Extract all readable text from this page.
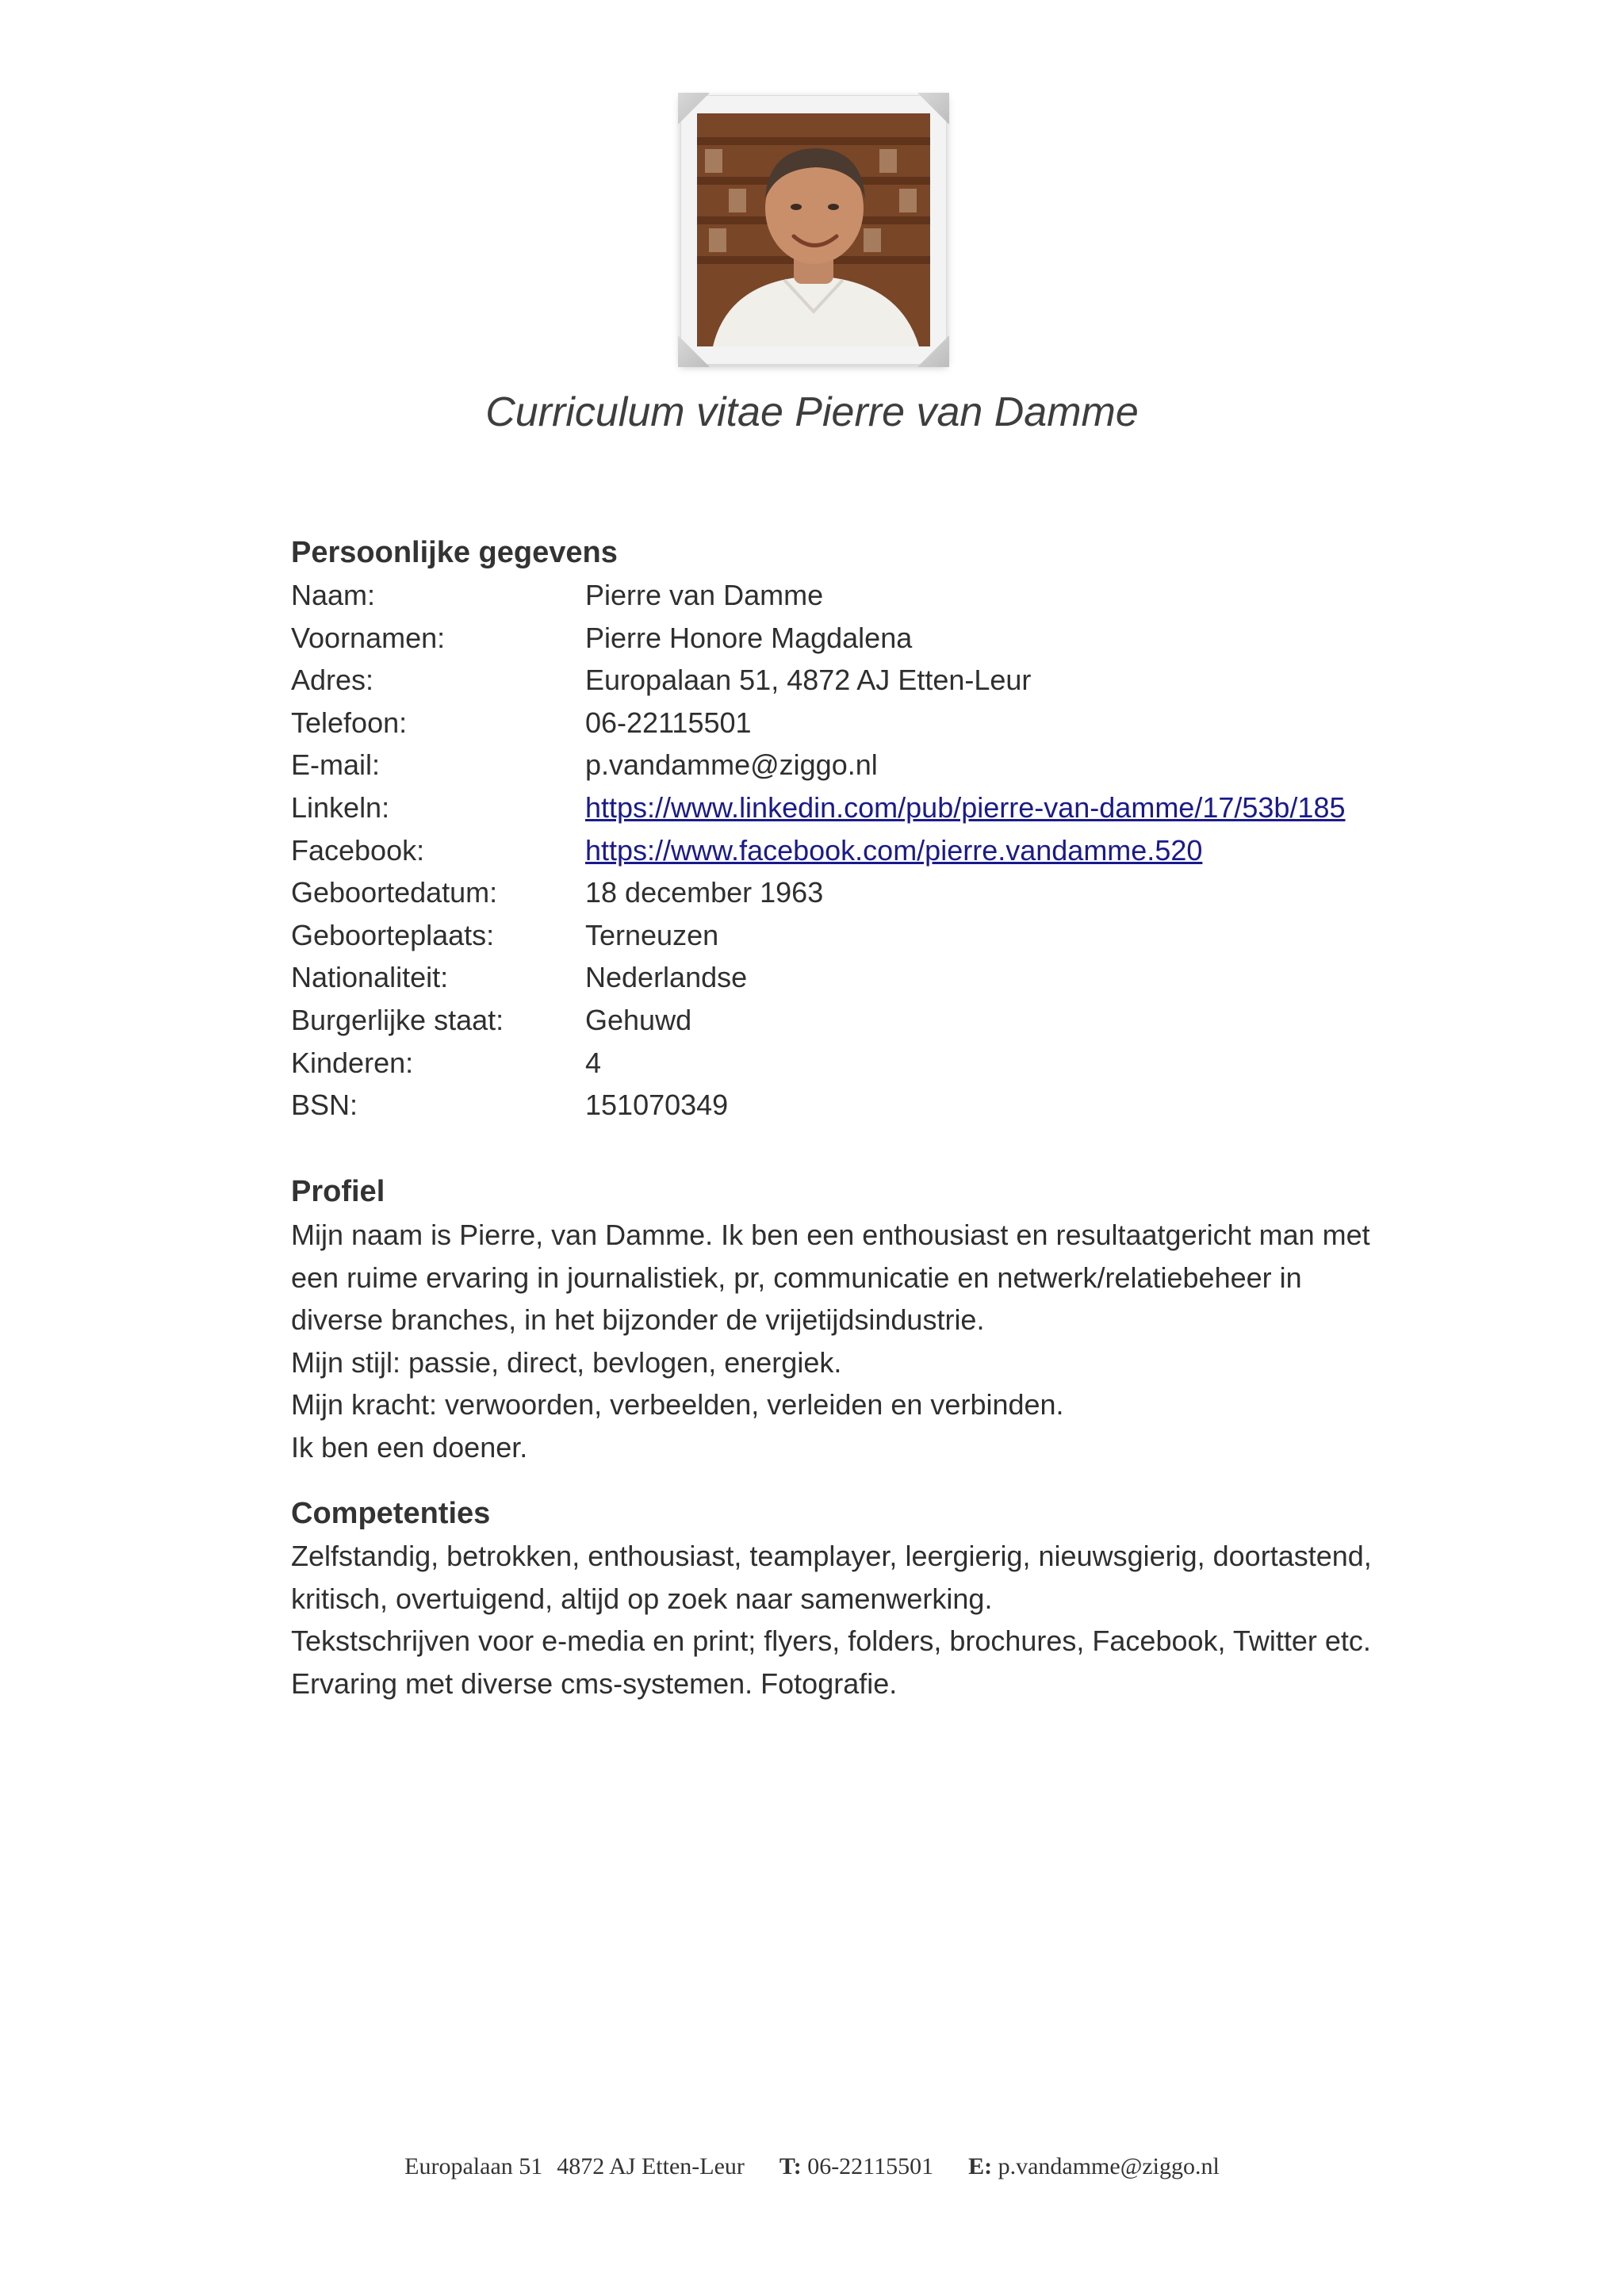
Curriculum vitae Pierre van Damme
Persoonlijke gegevens
Naam:	Pierre van Damme
Voornamen:	Pierre Honore Magdalena
Adres:	Europalaan 51, 4872 AJ Etten-Leur
Telefoon:	06-22115501
E-mail:	p.vandamme@ziggo.nl
Linkeln:	https://www.linkedin.com/pub/pierre-van-damme/17/53b/185
Facebook:	https://www.facebook.com/pierre.vandamme.520
Geboortedatum:	18 december 1963
Geboorteplaats:	Terneuzen
Nationaliteit:	Nederlandse
Burgerlijke staat:	Gehuwd
Kinderen:	4
BSN:	151070349
Profiel
Mijn naam is Pierre, van Damme. Ik ben een enthousiast en resultaatgericht man met
een ruime ervaring in journalistiek, pr, communicatie en netwerk/relatiebeheer in
diverse branches, in het bijzonder de vrijetijdsindustrie.
Mijn stijl: passie, direct, bevlogen, energiek.
Mijn kracht: verwoorden, verbeelden, verleiden en verbinden.
Ik ben een doener.
Competenties
Zelfstandig, betrokken, enthousiast, teamplayer, leergierig, nieuwsgierig, doortastend,
kritisch, overtuigend, altijd op zoek naar samenwerking.
Tekstschrijven voor e-media en print; flyers, folders, brochures, Facebook, Twitter etc.
Ervaring met diverse cms-systemen. Fotografie.
Europalaan 51 4872 AJ Etten-Leur T: 06-22115501 E: p.vandamme@ziggo.nl
